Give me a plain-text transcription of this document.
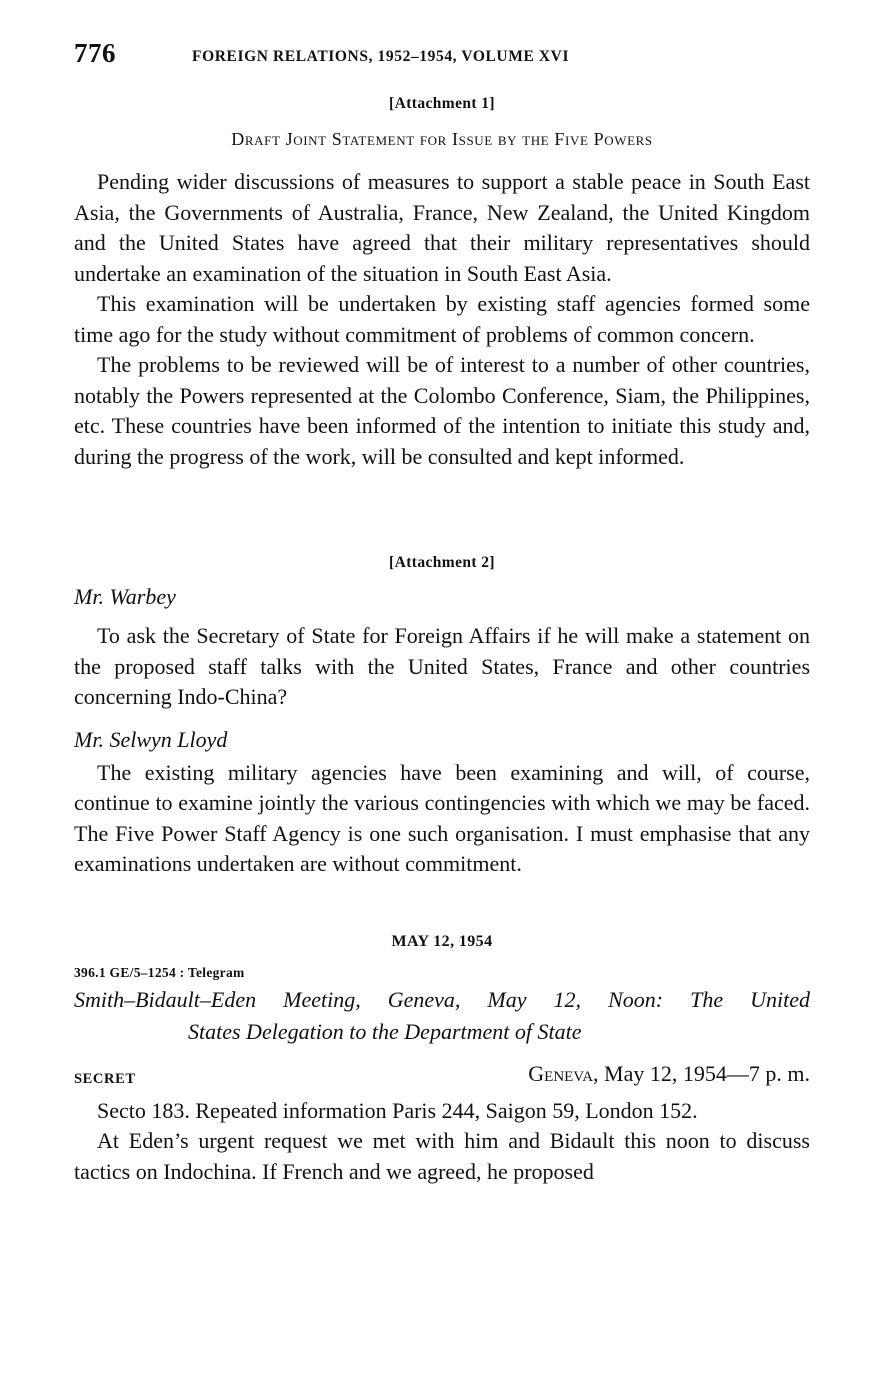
776	FOREIGN RELATIONS, 1952–1954, VOLUME XVI
[Attachment 1]
Draft Joint Statement for Issue by the Five Powers

Pending wider discussions of measures to support a stable peace in South East Asia, the Governments of Australia, France, New Zealand, the United Kingdom and the United States have agreed that their military representatives should undertake an examination of the situation in South East Asia.

This examination will be undertaken by existing staff agencies formed some time ago for the study without commitment of problems of common concern.

The problems to be reviewed will be of interest to a number of other countries, notably the Powers represented at the Colombo Conference, Siam, the Philippines, etc. These countries have been informed of the intention to initiate this study and, during the progress of the work, will be consulted and kept informed.

[Attachment 2]
Mr. Warbey

To ask the Secretary of State for Foreign Affairs if he will make a statement on the proposed staff talks with the United States, France and other countries concerning Indo-China?

Mr. Selwyn Lloyd

The existing military agencies have been examining and will, of course, continue to examine jointly the various contingencies with which we may be faced. The Five Power Staff Agency is one such organisation. I must emphasise that any examinations undertaken are without commitment.

MAY 12, 1954
396.1 GE/5–1254 : Telegram
Smith–Bidault–Eden Meeting, Geneva, May 12, Noon: The United
States Delegation to the Department of State
SECRET	Geneva, May 12, 1954—7 p. m.

Secto 183. Repeated information Paris 244, Saigon 59, London 152.

At Eden’s urgent request we met with him and Bidault this noon to discuss tactics on Indochina. If French and we agreed, he proposed
